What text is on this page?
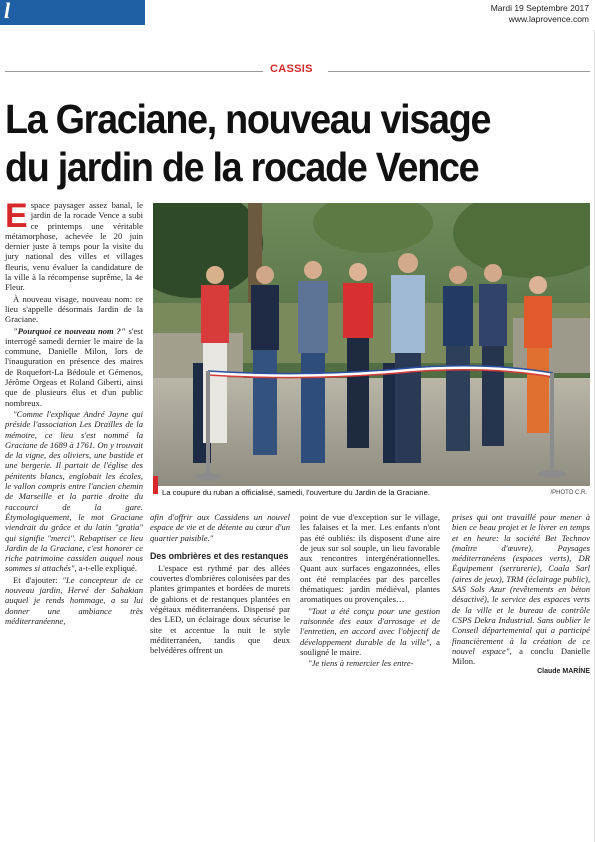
l	Mardi 19 Septembre 2017
www.laprovence.com
CASSIS
La Graciane, nouveau visage
du jardin de la rocade Vence

Espace paysager assez banal, le jardin de la rocade Vence a subi ce printemps une véritable métamorphose, achevée le 20 juin dernier juste à temps pour la visite du jury national des villes et villages fleuris, venu évaluer la candidature de la ville à la récompense suprême, la 4e Fleur.

À nouveau visage, nouveau nom: ce lieu s'appelle désormais Jardin de la Graciane.

"Pourquoi ce nouveau nom ?" s'est interrogé samedi dernier le maire de la commune, Danielle Milon, lors de l'inauguration en présence des maires de Roquefort-La Bédoule et Gémenos, Jérôme Orgeas et Roland Giberti, ainsi que de plusieurs élus et d'un public nombreux.

"Comme l'explique André Jayne qui préside l'association Les Draïlles de la mémoire, ce lieu s'est nommé la Graciane de 1689 à 1761. On y trouvait de la vigne, des oliviers, une bastide et une bergerie. Il partait de l'église des pénitents blancs, englobait les écoles, le vallon compris entre l'ancien chemin de Marseille et la partie droite du raccourci de la gare. Étymologiquement, le mot Graciane viendrait du grâce et du latin "gratia" qui signifie "merci". Rebaptiser ce lieu Jardin de la Graciane, c'est honorer ce riche patrimoine cassiden auquel nous sommes si attachés", a-t-elle expliqué.

Et d'ajouter: "Le concepteur de ce nouveau jardin, Hervé der Sahakian auquel je rends hommage, a su lui donner une ambiance très méditerranéenne,

La coupure du ruban a officialisé, samedi, l'ouverture du Jardin de la Graciane.	/PHOTO C.R.

afin d'offrir aux Cassidens un nouvel espace de vie et de détente au cœur d'un quartier paisible."

Des ombrières et des restanques

L'espace est rythmé par des allées couvertes d'ombrières colonisées par des plantes grimpantes et bordées de murets de gabions et de restanques plantées en végétaux méditerranéens. Dispensé par des LED, un éclairage doux sécurise le site et accentue la nuit le style méditerranéen, tandis que deux belvédères offrent un

point de vue d'exception sur le village, les falaises et la mer. Les enfants n'ont pas été oubliés: ils disposent d'une aire de jeux sur sol souple, un lieu favorable aux rencontres intergénérationnelles. Quant aux surfaces engazonnées, elles ont été remplacées par des parcelles thématiques: jardin médiéval, plantes aromatiques ou provençales…

"Tout a été conçu pour une gestion raisonnée des eaux d'arrosage et de l'entretien, en accord avec l'objectif de développement durable de la ville", a souligné le maire.

"Je tiens à remercier les entre-

prises qui ont travaillé pour mener à bien ce beau projet et le livrer en temps et en heure: la société Bet Technov (maître d'œuvre), Paysages méditerranéens (espaces verts), DR Équipement (serrurerie), Coala Sarl (aires de jeux), TRM (éclairage public), SAS Sols Azur (revêtements en béton désactivé), le service des espaces verts de la ville et le bureau de contrôle CSPS Dekra Industrial. Sans oublier le Conseil départemental qui a participé financièrement à la création de ce nouvel espace", a conclu Danielle Milon.

Claude MARÍNE
